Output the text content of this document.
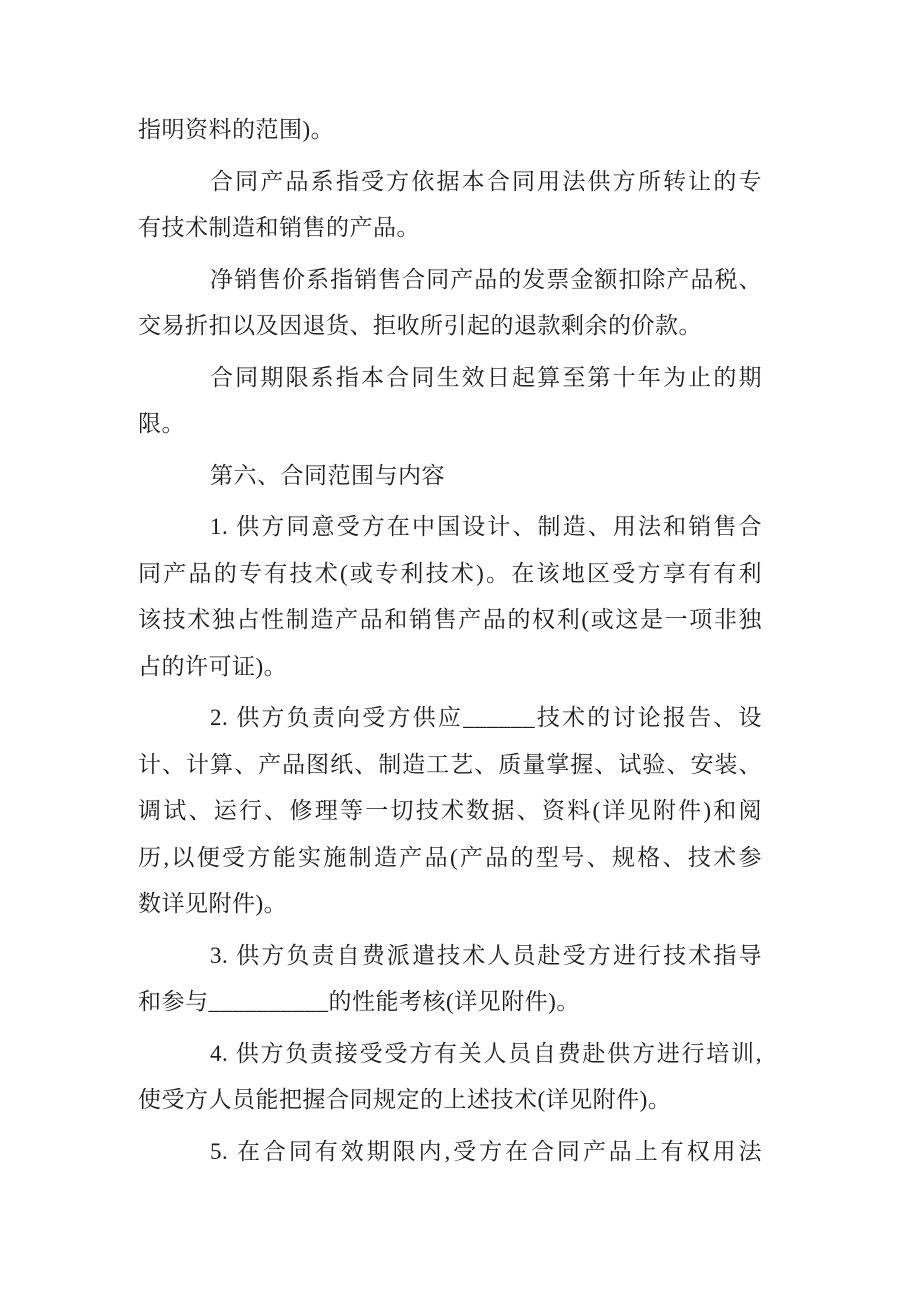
指明资料的范围)。
合同产品系指受方依据本合同用法供方所转让的专
有技术制造和销售的产品。
净销售价系指销售合同产品的发票金额扣除产品税、
交易折扣以及因退货、拒收所引起的退款剩余的价款。
合同期限系指本合同生效日起算至第十年为止的期
限。
第六、合同范围与内容
1. 供方同意受方在中国设计、制造、用法和销售合
同产品的专有技术(或专利技术)。在该地区受方享有有利
该技术独占性制造产品和销售产品的权利(或这是一项非独
占的许可证)。
2. 供方负责向受方供应______技术的讨论报告、设
计、计算、产品图纸、制造工艺、质量掌握、试验、安装、
调试、运行、修理等一切技术数据、资料(详见附件)和阅
历,以便受方能实施制造产品(产品的型号、规格、技术参
数详见附件)。
3. 供方负责自费派遣技术人员赴受方进行技术指导
和参与__________的性能考核(详见附件)。
4. 供方负责接受受方有关人员自费赴供方进行培训,
使受方人员能把握合同规定的上述技术(详见附件)。
5. 在合同有效期限内,受方在合同产品上有权用法
